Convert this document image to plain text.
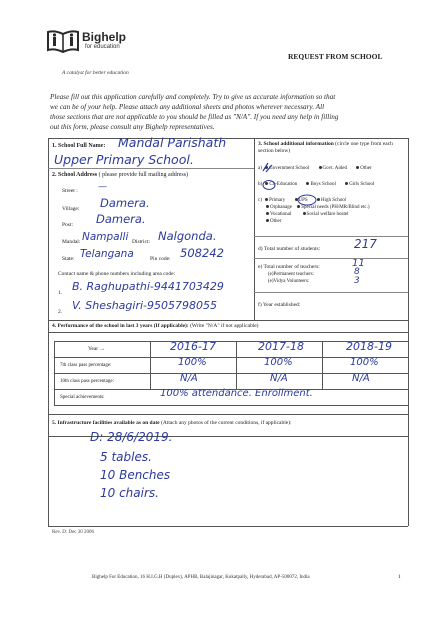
Bighelp
for education
A catalyst for better education
REQUEST FROM SCHOOL
Please fill out this application carefully and completely. Try to give us accurate information so that
we can be of your help. Please attach any additional sheets and photos wherever necessary. All
those sections that are not applicable to you should be filled as "N/A". If you need any help in filling
out this form, please consult any Bighelp representatives.
1. School Full Name: Mandal Parishath
Upper Primary School.
2. School Address ( please provide full mailing address)
Street : —
Village: Damera.
Post: Damera.
Mandal: Nampalli District: Nalgonda.
State: Telangana	Pin code: 508242
Contact name & phone numbers including area code:
1. B. Raghupathi-9441703429
2. V. Sheshagiri-9505798055
3. School additional information (circle one type from each section below)
a) Government School	Govt. Aided	Other
b) Co-Education	Boys School	Girls School
c) Primary	UPS	High School
Orphanage Special needs (PH/MR/Blind etc.)
Vocational	Social welfare hostel
Other
d) Total number of students:	217
e) Total number of teachers:	11
(e)Permanent teachers:	8
(e)Vidya Volunteers:	3
f) Year established:
4. Performance of the school in last 3 years (If applicable): (Write "N/A" if not applicable)
Year →	2016-17	2017-18	2018-19
7th class pass percentage:	100%	100%	100%
10th class pass percentage:	N/A	N/A	N/A
Special achievements:	100% attendance. Enrollment.
5. Infrastructure facilities available as on date (Attach any photos of the current conditions, if applicable):
D: 28/6/2019.
5 tables.
10 Benches
10 chairs.
Rev. D: Dec 30 2006
Bighelp For Education, 16 H.I.G.H (Duplex), APHB, Balajinagar, Kukatpally, Hyderabad, AP-500072, India	1
